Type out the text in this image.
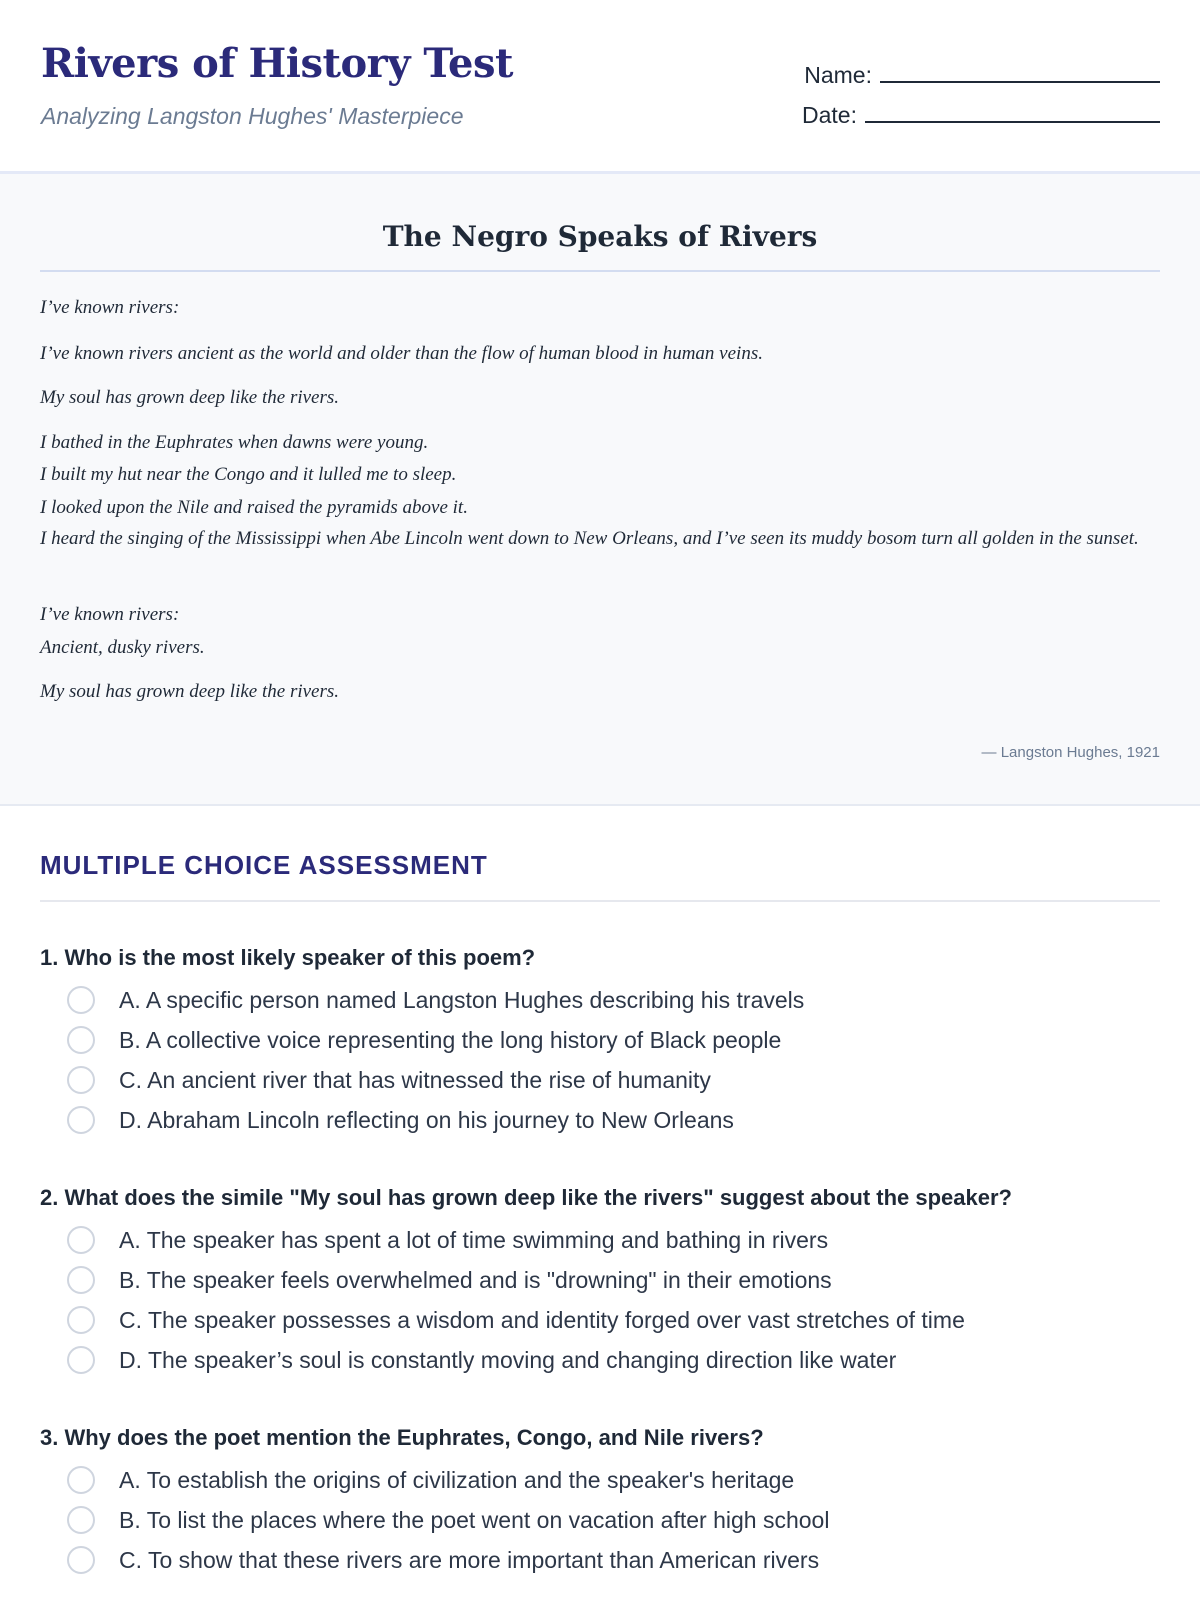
Rivers of History Test

Analyzing Langston Hughes' Masterpiece

Name:
Date:
The Negro Speaks of Rivers

I’ve known rivers:

I’ve known rivers ancient as the world and older than the flow of human blood in human veins.

My soul has grown deep like the rivers.

I bathed in the Euphrates when dawns were young.

I built my hut near the Congo and it lulled me to sleep.

I looked upon the Nile and raised the pyramids above it.

I heard the singing of the Mississippi when Abe Lincoln went down to New Orleans, and I’ve seen its muddy bosom turn all golden in the sunset.

I’ve known rivers:

Ancient, dusky rivers.

My soul has grown deep like the rivers.

— Langston Hughes, 1921

MULTIPLE CHOICE ASSESSMENT

1. Who is the most likely speaker of this poem?

A. A specific person named Langston Hughes describing his travels
B. A collective voice representing the long history of Black people
C. An ancient river that has witnessed the rise of humanity
D. Abraham Lincoln reflecting on his journey to New Orleans

2. What does the simile "My soul has grown deep like the rivers" suggest about the speaker?

A. The speaker has spent a lot of time swimming and bathing in rivers
B. The speaker feels overwhelmed and is "drowning" in their emotions
C. The speaker possesses a wisdom and identity forged over vast stretches of time
D. The speaker’s soul is constantly moving and changing direction like water

3. Why does the poet mention the Euphrates, Congo, and Nile rivers?

A. To establish the origins of civilization and the speaker's heritage
B. To list the places where the poet went on vacation after high school
C. To show that these rivers are more important than American rivers
